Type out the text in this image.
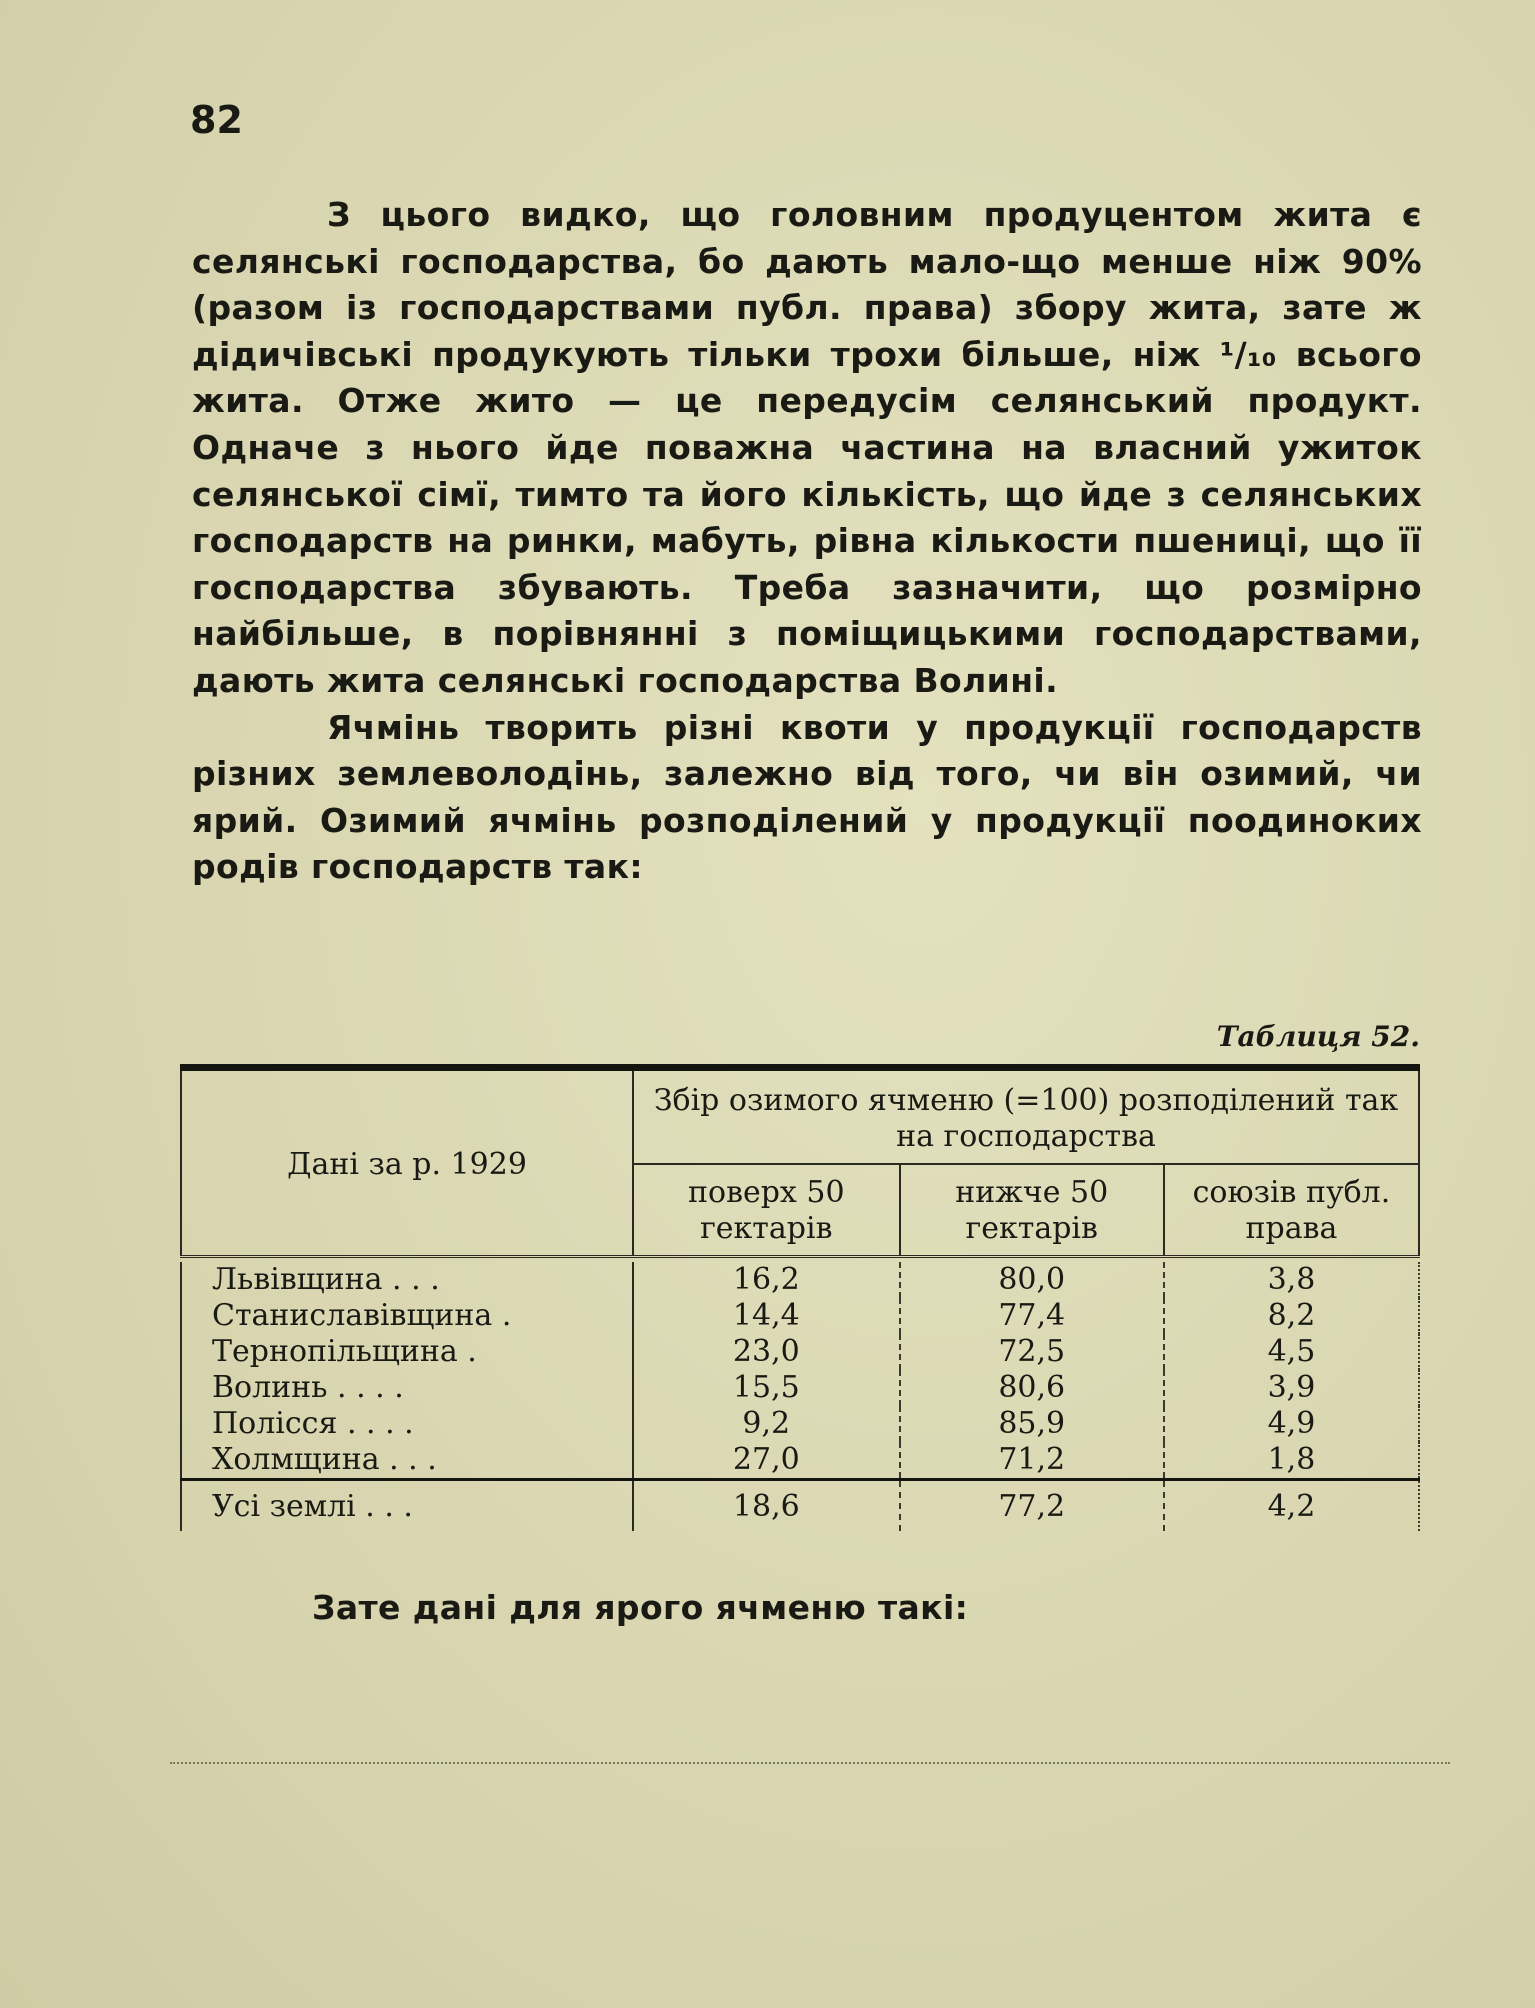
82

З цього видко, що головним продуцентом жита є селянські господарства, бо дають мало-що менше ніж 90% (разом із господарствами публ. права) збору жита, зате ж дідичівські продукують тільки трохи більше, ніж ¹/₁₀ всього жита. Отже жито — це передусім селянський продукт. Одначе з нього йде поважна частина на власний ужиток селянської сімї, тимто та його кількість, що йде з селянських господарств на ринки, мабуть, рівна кількости пшениці, що її господарства збувають. Треба зазначити, що розмірно найбільше, в порівнянні з поміщицькими господарствами, дають жита селянські господарства Волині.

Ячмінь творить різні квоти у продукції господарств різних землеволодінь, залежно від того, чи він озимий, чи ярий. Озимий ячмінь розподілений у продукції поодиноких родів господарств так:

Таблиця 52.
Дані за р. 1929	Збір озимого ячменю (=100) розподілений так на господарства		
	поверх 50 гектарів	нижче 50 гектарів	союзів публ. права

Львівщина . . .	16,2	80,0	3,8
Станиславівщина .	14,4	77,4	8,2
Тернопільщина .	23,0	72,5	4,5
Волинь . . . .	15,5	80,6	3,9
Полісся . . . .	9,2	85,9	4,9
Холмщина . . .	27,0	71,2	1,8
Усі землі . . .	18,6	77,2	4,2
Зате дані для ярого ячменю такі:
